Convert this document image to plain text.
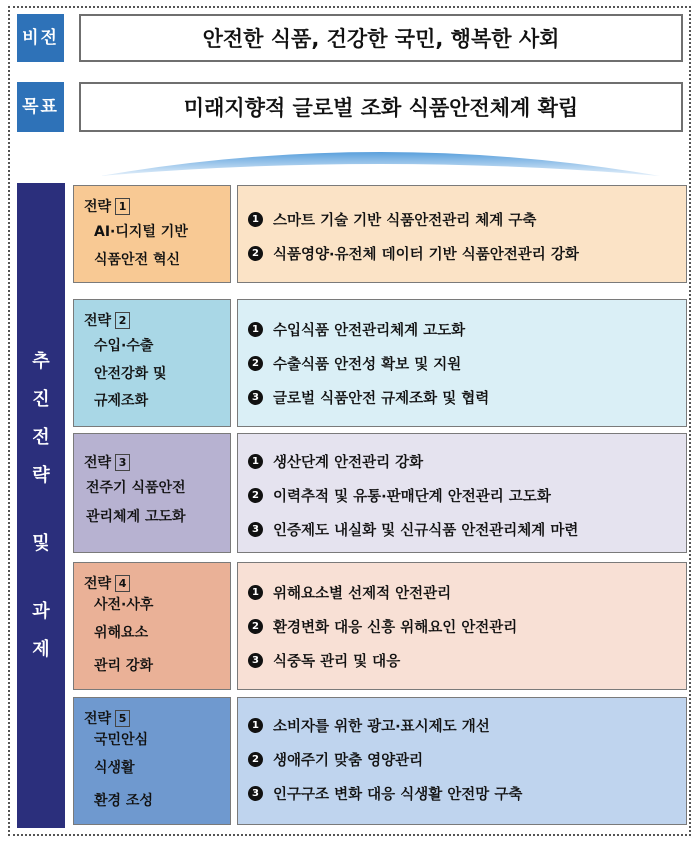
비전	안전한 식품, 건강한 국민, 행복한 사회
목표	미래지향적 글로벌 조화 식품안전체계 확립
추
진
전
략
및
과
제
전략 1
AI·디지털 기반
식품안전 혁신
1 스마트 기술 기반 식품안전관리 체계 구축
2 식품영양·유전체 데이터 기반 식품안전관리 강화
전략 2
수입·수출
안전강화 및
규제조화
1 수입식품 안전관리체계 고도화
2 수출식품 안전성 확보 및 지원
3 글로벌 식품안전 규제조화 및 협력
전략 3
전주기 식품안전
관리체계 고도화
1 생산단계 안전관리 강화
2 이력추적 및 유통·판매단계 안전관리 고도화
3 인증제도 내실화 및 신규식품 안전관리체계 마련
전략 4
사전·사후
위해요소
관리 강화
1 위해요소별 선제적 안전관리
2 환경변화 대응 신흥 위해요인 안전관리
3 식중독 관리 및 대응
전략 5
국민안심
식생활
환경 조성
1 소비자를 위한 광고·표시제도 개선
2 생애주기 맞춤 영양관리
3 인구구조 변화 대응 식생활 안전망 구축
